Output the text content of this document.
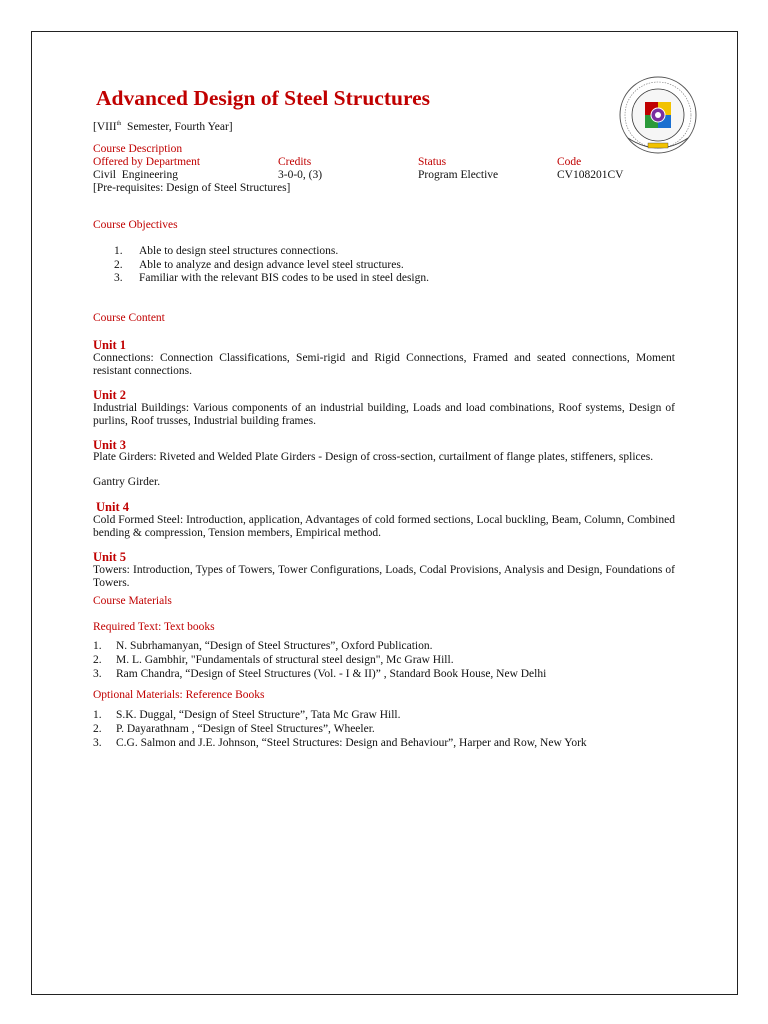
Advanced Design of Steel Structures
[VIIIth  Semester, Fourth Year]
Course Description
Offered by Department	Credits	Status	Code
Civil  Engineering	3-0-0, (3)	Program Elective	CV108201CV
[Pre-requisites: Design of Steel Structures]
Course Objectives
1. Able to design steel structures connections.
2. Able to analyze and design advance level steel structures.
3. Familiar with the relevant BIS codes to be used in steel design.
Course Content
Unit 1
Connections: Connection Classifications, Semi-rigid and Rigid Connections, Framed and seated connections, Moment resistant connections.
Unit 2
Industrial Buildings: Various components of an industrial building, Loads and load combinations, Roof systems, Design of purlins, Roof trusses, Industrial building frames.
Unit 3
Plate Girders: Riveted and Welded Plate Girders - Design of cross-section, curtailment of flange plates, stiffeners, splices.
Gantry Girder.
Unit 4
Cold Formed Steel: Introduction, application, Advantages of cold formed sections, Local buckling, Beam, Column, Combined bending & compression, Tension members, Empirical method.
Unit 5
Towers: Introduction, Types of Towers, Tower Configurations, Loads, Codal Provisions, Analysis and Design, Foundations of Towers.
Course Materials
Required Text: Text books
1. N. Subrhamanyan, “Design of Steel Structures”, Oxford Publication.
2. M. L. Gambhir, "Fundamentals of structural steel design", Mc Graw Hill.
3. Ram Chandra, “Design of Steel Structures (Vol. - I & II)” , Standard Book House, New Delhi
Optional Materials: Reference Books
1. S.K. Duggal, “Design of Steel Structure”, Tata Mc Graw Hill.
2. P. Dayarathnam , “Design of Steel Structures”, Wheeler.
3. C.G. Salmon and J.E. Johnson, “Steel Structures: Design and Behaviour”, Harper and Row, New York
